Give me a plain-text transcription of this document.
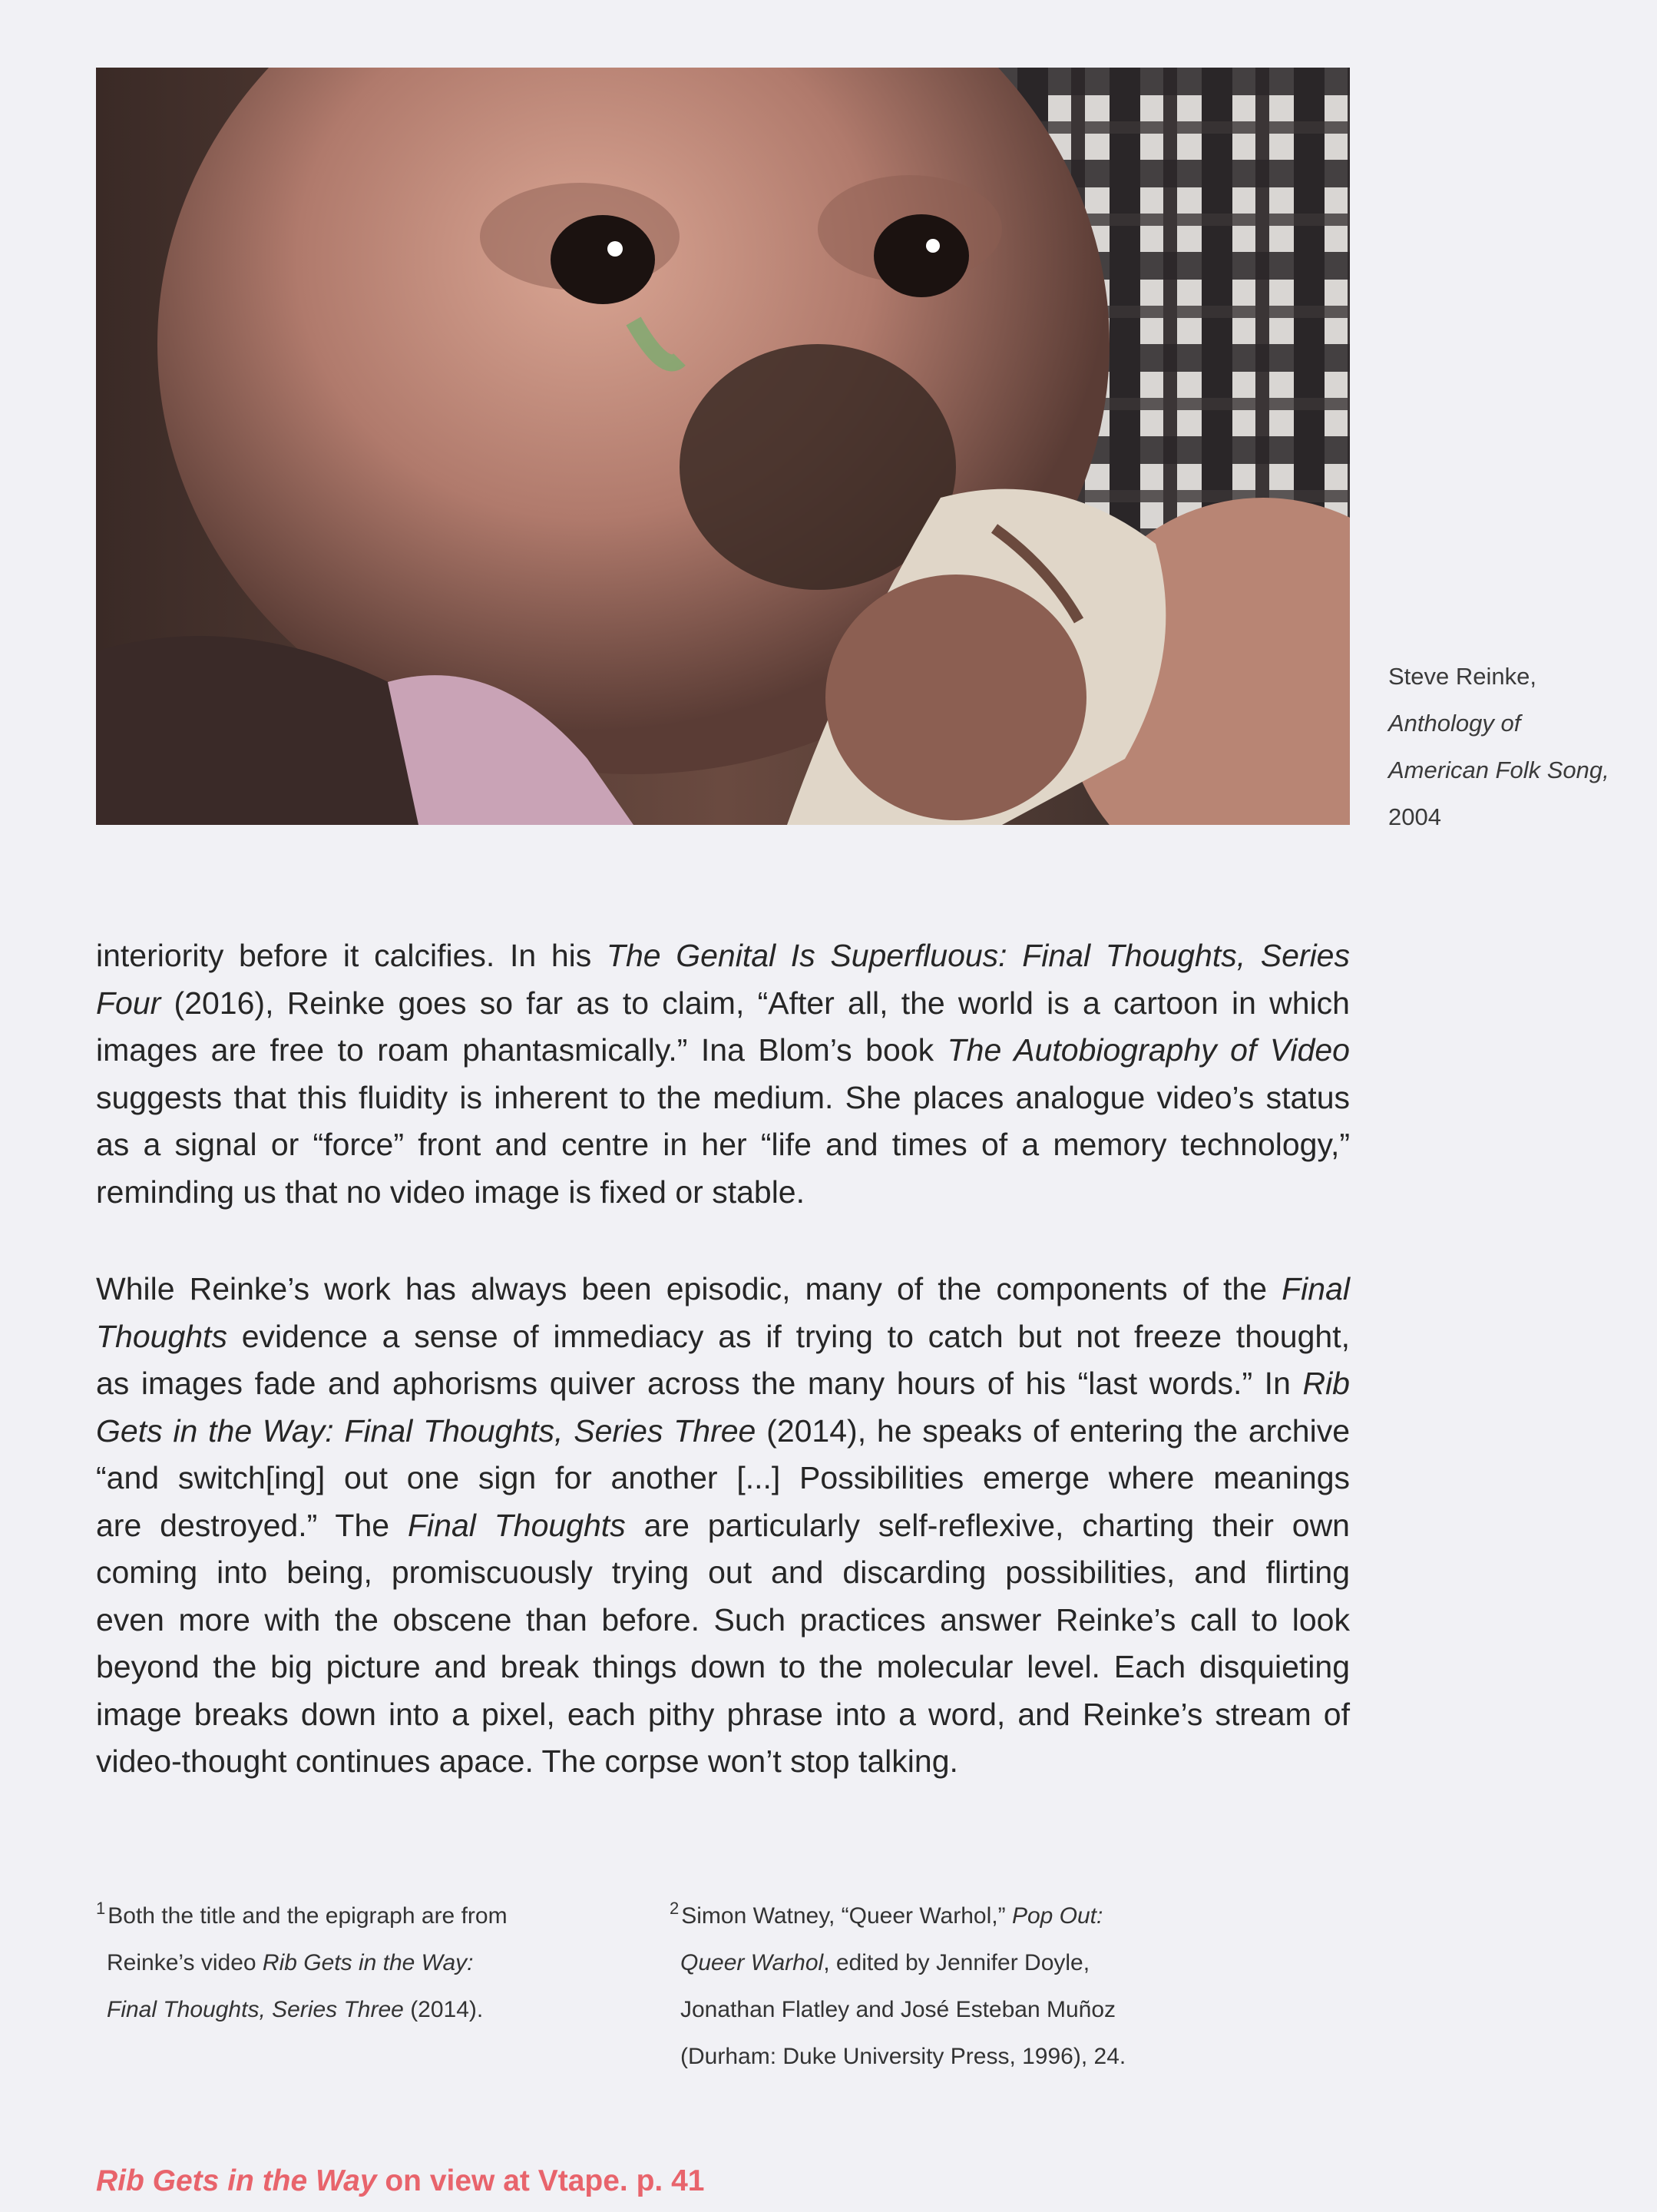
Steve Reinke,
Anthology of
American Folk Song,
2004
interiority before it calcifies. In his The Genital Is Superfluous: Final Thoughts, Series
Four (2016), Reinke goes so far as to claim, “After all, the world is a cartoon in which
images are free to roam phantasmically.” Ina Blom’s book The Autobiography of Video
suggests that this fluidity is inherent to the medium. She places analogue video’s status
as a signal or “force” front and centre in her “life and times of a memory technology,”
reminding us that no video image is fixed or stable.
While Reinke’s work has always been episodic, many of the components of the Final
Thoughts evidence a sense of immediacy as if trying to catch but not freeze thought,
as images fade and aphorisms quiver across the many hours of his “last words.” In Rib
Gets in the Way: Final Thoughts, Series Three (2014), he speaks of entering the archive
“and switch[ing] out one sign for another [...] Possibilities emerge where meanings
are destroyed.” The Final Thoughts are particularly self-reflexive, charting their own
coming into being, promiscuously trying out and discarding possibilities, and flirting
even more with the obscene than before. Such practices answer Reinke’s call to look
beyond the big picture and break things down to the molecular level. Each disquieting
image breaks down into a pixel, each pithy phrase into a word, and Reinke’s stream of
video-thought continues apace. The corpse won’t stop talking.
$^1$ Both the title and the epigraph are from
Reinke’s video Rib Gets in the Way:
Final Thoughts, Series Three (2014).
$^2$ Simon Watney, “Queer Warhol,” Pop Out:
Queer Warhol, edited by Jennifer Doyle,
Jonathan Flatley and José Esteban Muñoz
(Durham: Duke University Press, 1996), 24.
Rib Gets in the Way on view at Vtape. p. 41
